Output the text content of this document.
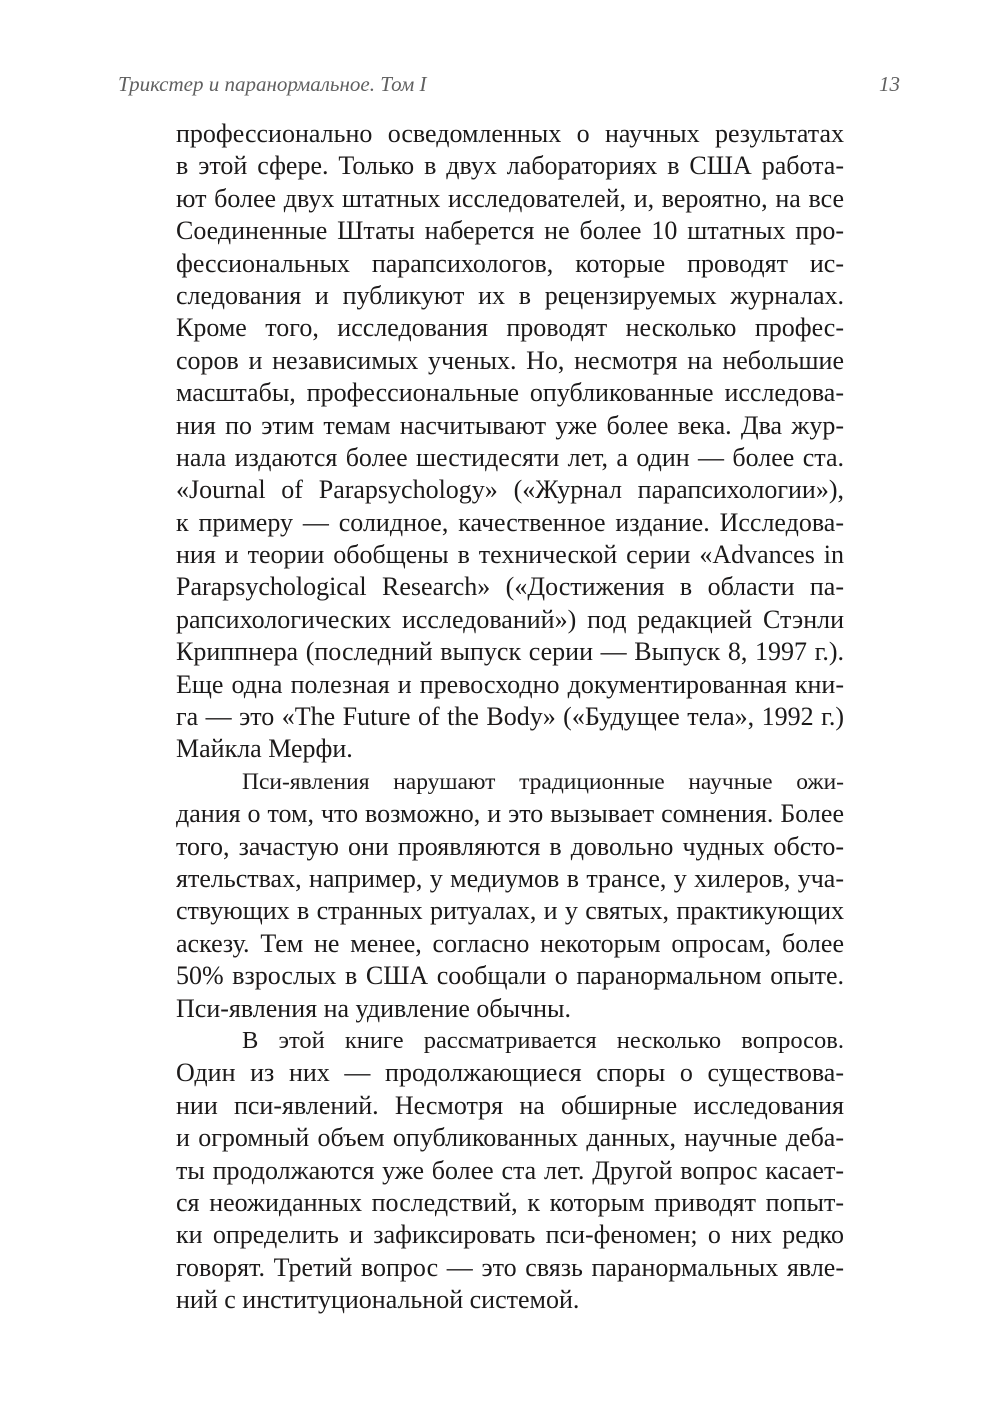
Трикстер и паранормальное. Том I	13

профессионально осведомленных о научных результатах
в этой сфере. Только в двух лабораториях в США работа-
ют более двух штатных исследователей, и, вероятно, на все
Соединенные Штаты наберется не более 10 штатных про-
фессиональных парапсихологов, которые проводят ис-
следования и публикуют их в рецензируемых журналах.
Кроме того, исследования проводят несколько профес-
соров и независимых ученых. Но, несмотря на небольшие
масштабы, профессиональные опубликованные исследова-
ния по этим темам насчитывают уже более века. Два жур-
нала издаются более шестидесяти лет, а один — более ста.
«Journal of Parapsychology» («Журнал парапсихологии»),
к примеру — солидное, качественное издание. Исследова-
ния и теории обобщены в технической серии «Advances in
Parapsychological Research» («Достижения в области па-
рапсихологических исследований») под редакцией Стэнли
Криппнера (последний выпуск серии — Выпуск 8, 1997 г.).
Еще одна полезная и превосходно документированная кни-
га — это «The Future of the Body» («Будущее тела», 1992 г.)
Майкла Мерфи.

Пси-явления нарушают традиционные научные ожи-
дания о том, что возможно, и это вызывает сомнения. Более
того, зачастую они проявляются в довольно чудных обсто-
ятельствах, например, у медиумов в трансе, у хилеров, уча-
ствующих в странных ритуалах, и у святых, практикующих
аскезу. Тем не менее, согласно некоторым опросам, более
50% взрослых в США сообщали о паранормальном опыте.
Пси-явления на удивление обычны.

В этой книге рассматривается несколько вопросов.
Один из них — продолжающиеся споры о существова-
нии пси-явлений. Несмотря на обширные исследования
и огромный объем опубликованных данных, научные деба-
ты продолжаются уже более ста лет. Другой вопрос касает-
ся неожиданных последствий, к которым приводят попыт-
ки определить и зафиксировать пси-феномен; о них редко
говорят. Третий вопрос — это связь паранормальных явле-
ний с институциональной системой.
